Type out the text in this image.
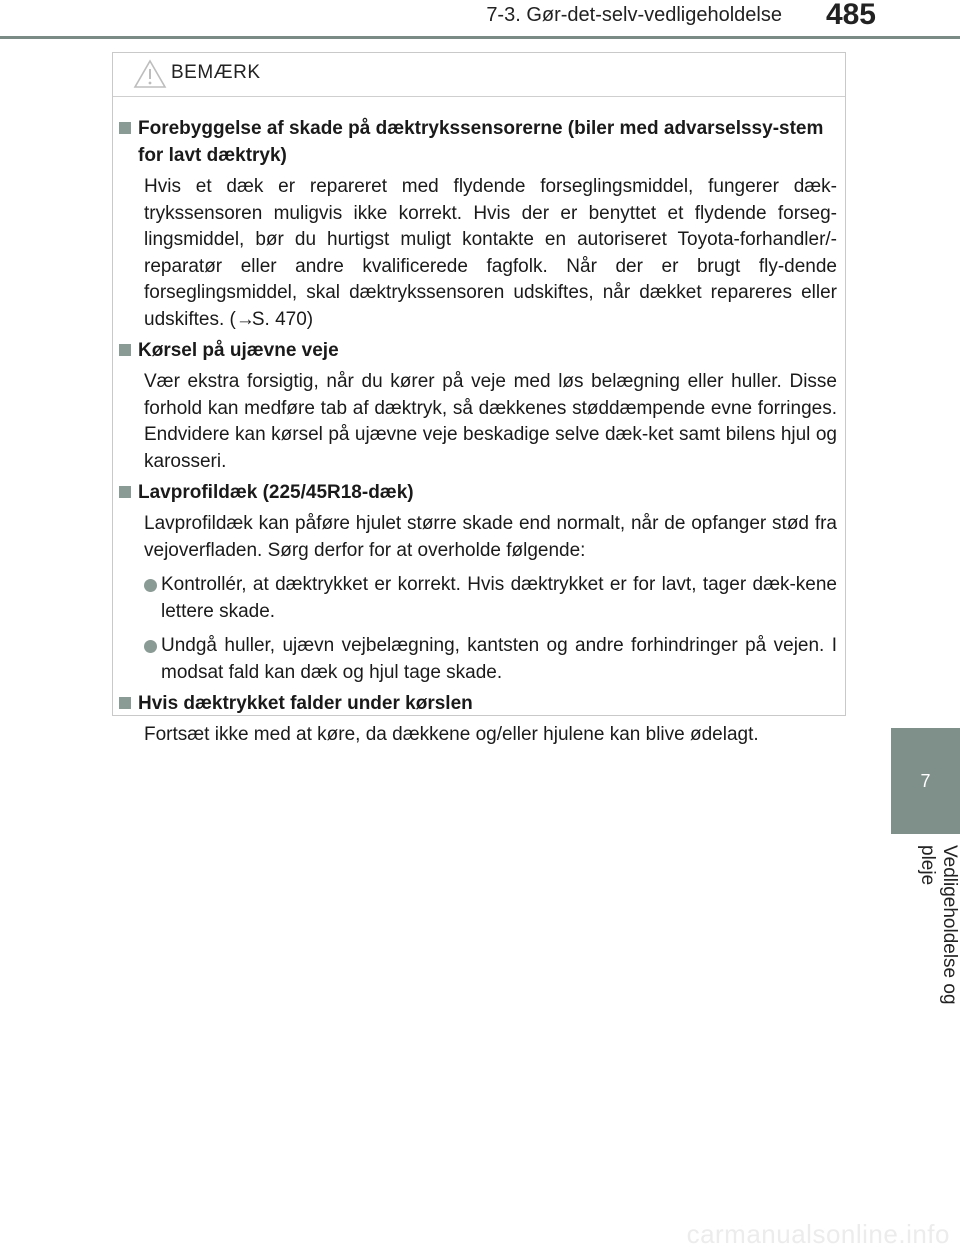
7-3. Gør-det-selv-vedligeholdelse 485
7
Vedligeholdelse og pleje
BEMÆRK
Forebyggelse af skade på dæktrykssensorerne (biler med advarselssy-stem for lavt dæktryk)
Hvis et dæk er repareret med flydende forseglingsmiddel, fungerer dæk-trykssensoren muligvis ikke korrekt. Hvis der er benyttet et flydende forseg-lingsmiddel, bør du hurtigst muligt kontakte en autoriseret Toyota-forhandler/-reparatør eller andre kvalificerede fagfolk. Når der er brugt fly-dende forseglingsmiddel, skal dæktrykssensoren udskiftes, når dækket repareres eller udskiftes. (→S. 470)
Kørsel på ujævne veje
Vær ekstra forsigtig, når du kører på veje med løs belægning eller huller. Disse forhold kan medføre tab af dæktryk, så dækkenes støddæmpende evne forringes. Endvidere kan kørsel på ujævne veje beskadige selve dæk-ket samt bilens hjul og karosseri.
Lavprofildæk (225/45R18-dæk)
Lavprofildæk kan påføre hjulet større skade end normalt, når de opfanger stød fra vejoverfladen. Sørg derfor for at overholde følgende:
Kontrollér, at dæktrykket er korrekt. Hvis dæktrykket er for lavt, tager dæk-kene lettere skade.
Undgå huller, ujævn vejbelægning, kantsten og andre forhindringer på vejen. I modsat fald kan dæk og hjul tage skade.
Hvis dæktrykket falder under kørslen
Fortsæt ikke med at køre, da dækkene og/eller hjulene kan blive ødelagt.
carmanualsonline.info
